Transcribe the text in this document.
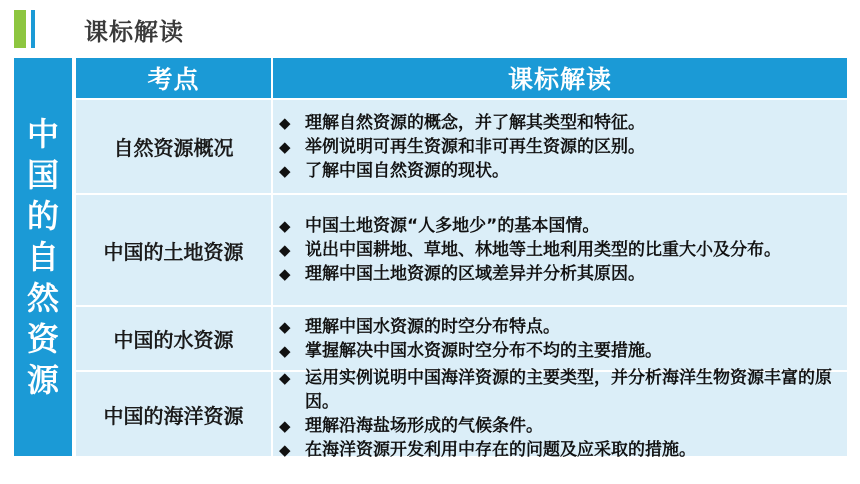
课标解读
中
国
的
自
然
资
源
考点	课标解读
自然资源概况
◆ 理解自然资源的概念，并了解其类型和特征。
◆ 举例说明可再生资源和非可再生资源的区别。
◆ 了解中国自然资源的现状。
中国的土地资源
◆ 中国土地资源“人多地少”的基本国情。
◆ 说出中国耕地、草地、林地等土地利用类型的比重大小及分布。
◆ 理解中国土地资源的区域差异并分析其原因。
中国的水资源
◆ 理解中国水资源的时空分布特点。
◆ 掌握解决中国水资源时空分布不均的主要措施。
中国的海洋资源
◆ 运用实例说明中国海洋资源的主要类型，并分析海洋生物资源丰富的原因。
◆ 理解沿海盐场形成的气候条件。
◆ 在海洋资源开发利用中存在的问题及应采取的措施。
